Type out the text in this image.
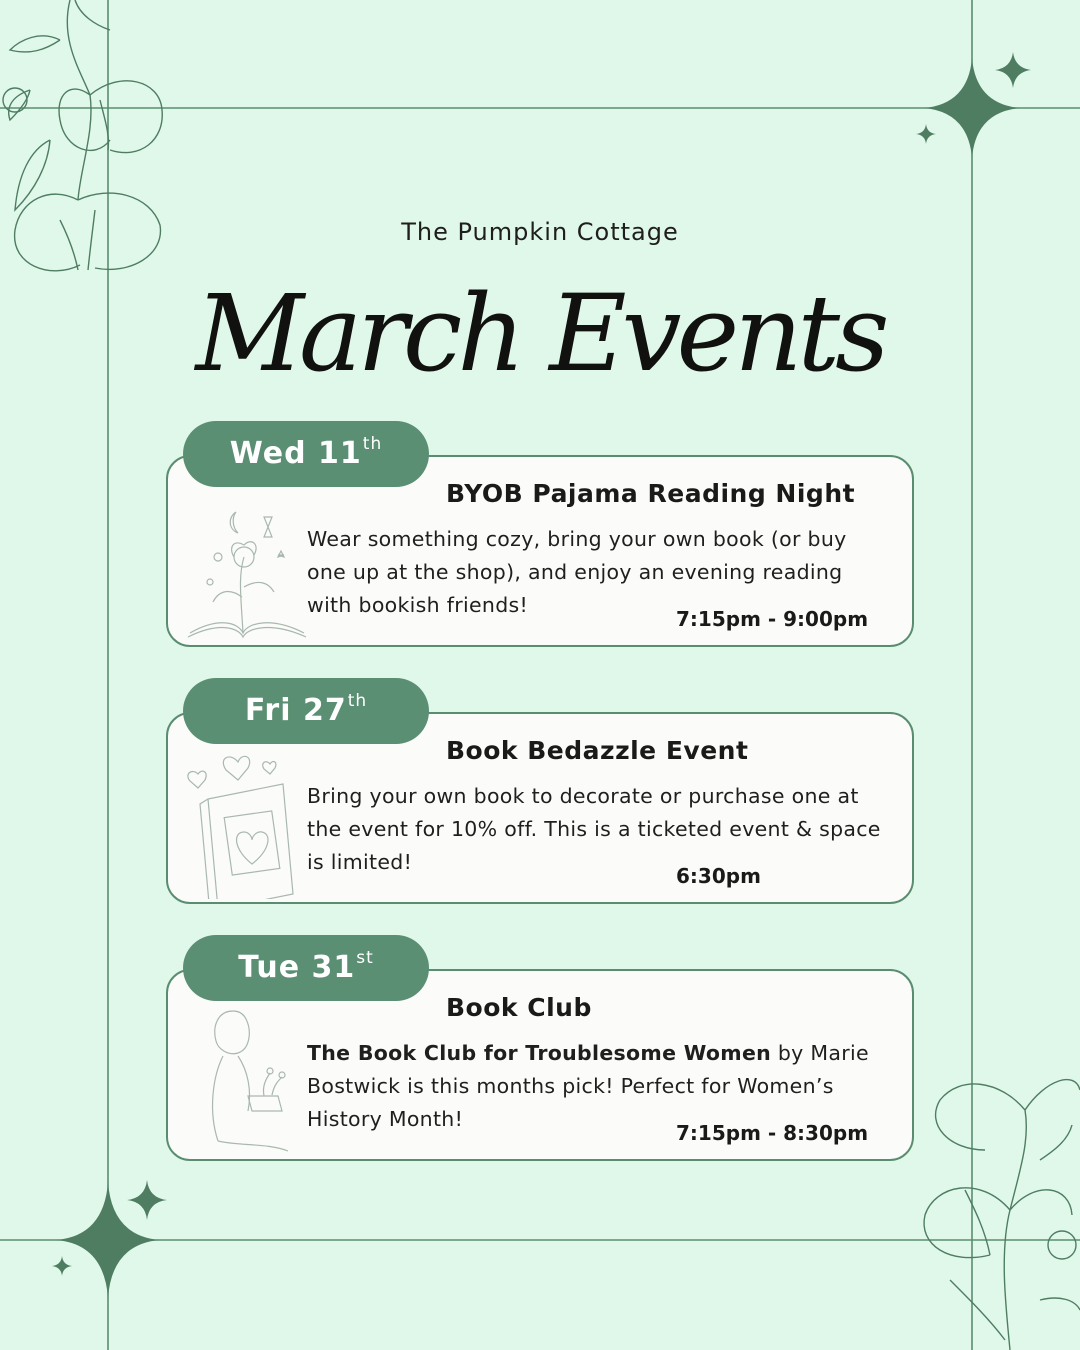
The Pumpkin Cottage
March Events
BYOB Pajama Reading Night
Wear something cozy, bring your own book (or buy one up at the shop), and enjoy an evening reading with bookish friends!
7:15pm - 9:00pm
Wed 11th
Book Bedazzle Event
Bring your own book to decorate or purchase one at the event for 10% off. This is a ticketed event & space is limited!
6:30pm
Fri 27th
Book Club
The Book Club for Troublesome Women by Marie Bostwick is this months pick! Perfect for Women’s History Month!
7:15pm - 8:30pm
Tue 31st
